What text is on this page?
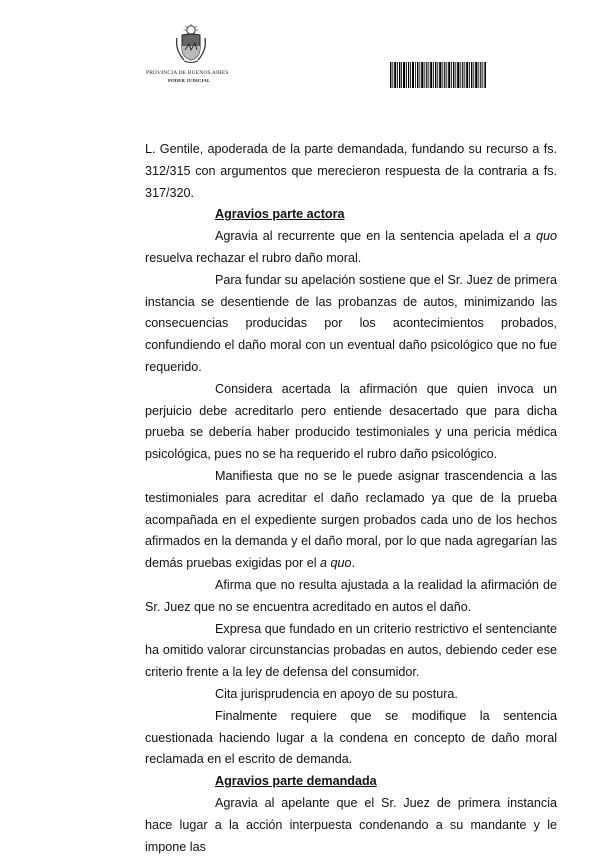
PROVINCIA DE BUENOS AIRES
PODER JUDICIAL

L. Gentile, apoderada de la parte demandada, fundando su recurso a fs. 312/315 con argumentos que merecieron respuesta de la contraria a fs. 317/320.

Agravios parte actora

Agravia al recurrente que en la sentencia apelada el a quo resuelva rechazar el rubro daño moral.

Para fundar su apelación sostiene que el Sr. Juez de primera instancia se desentiende de las probanzas de autos, minimizando las consecuencias producidas por los acontecimientos probados, confundiendo el daño moral con un eventual daño psicológico que no fue requerido.

Considera acertada la afirmación que quien invoca un perjuicio debe acreditarlo pero entiende desacertado que para dicha prueba se debería haber producido testimoniales y una pericia médica psicológica, pues no se ha requerido el rubro daño psicológico.

Manifiesta que no se le puede asignar trascendencia a las testimoniales para acreditar el daño reclamado ya que de la prueba acompañada en el expediente surgen probados cada uno de los hechos afirmados en la demanda y el daño moral, por lo que nada agregarían las demás pruebas exigidas por el a quo.

Afirma que no resulta ajustada a la realidad la afirmación de Sr. Juez que no se encuentra acreditado en autos el daño.

Expresa que fundado en un criterio restrictivo el sentenciante ha omitido valorar circunstancias probadas en autos, debiendo ceder ese criterio frente a la ley de defensa del consumidor.

Cita jurisprudencia en apoyo de su postura.

Finalmente requiere que se modifique la sentencia cuestionada haciendo lugar a la condena en concepto de daño moral reclamada en el escrito de demanda.

Agravios parte demandada

Agravia al apelante que el Sr. Juez de primera instancia hace lugar a la acción interpuesta condenando a su mandante y le impone las
